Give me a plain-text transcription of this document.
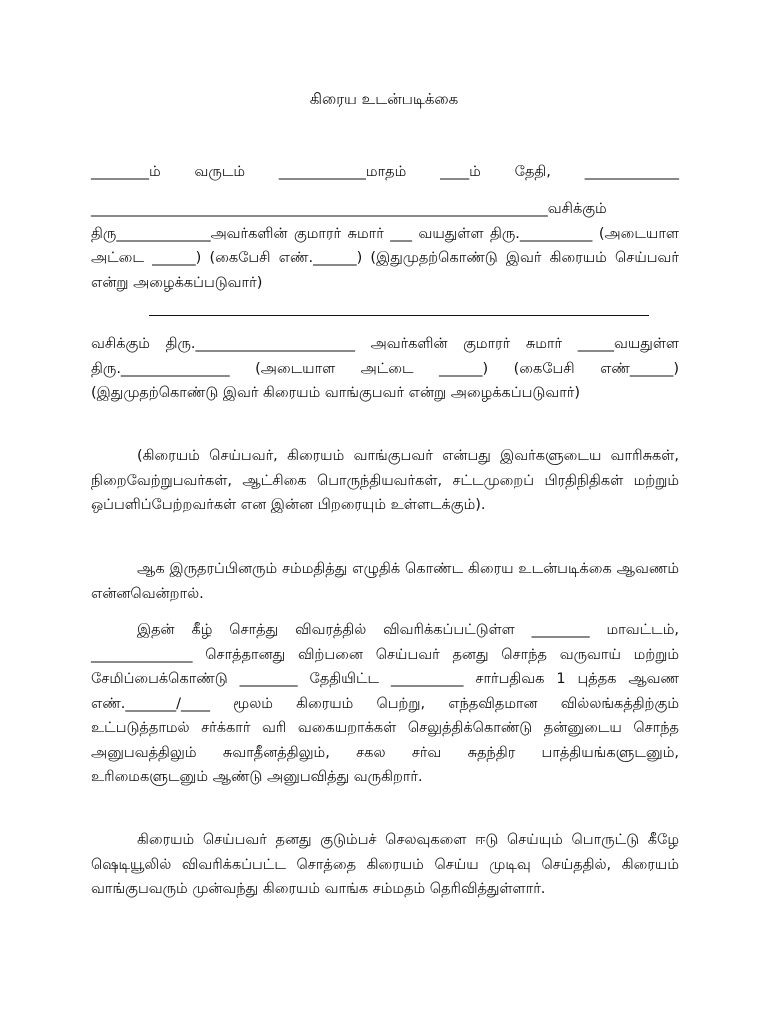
கிரைய உடன்படிக்கை
________ம் வருடம் ____________மாதம் ____ம் தேதி, _____________
_______________________________________________________________வசிக்கும் திரு_____________அவர்களின் குமாரர் சுமார் ___ வயதுள்ள திரு.__________ (அடையாள அட்டை ______) (கைபேசி எண்.______) (இதுமுதற்கொண்டு இவர் கிரையம் செய்பவர் என்று அழைக்கப்படுவார்)
வசிக்கும் திரு.______________________ அவர்களின் குமாரர் சுமார் _____வயதுள்ள திரு._______________ (அடையாள அட்டை ______) (கைபேசி எண்______) (இதுமுதற்கொண்டு இவர் கிரையம் வாங்குபவர் என்று அழைக்கப்படுவார்)
(கிரையம் செய்பவர், கிரையம் வாங்குபவர் என்பது இவர்களுடைய வாரிசுகள், நிறைவேற்றுபவர்கள், ஆட்சிகை பொருந்தியவர்கள், சட்டமுறைப் பிரதிநிதிகள் மற்றும் ஒப்பளிப்பேற்றவர்கள் என இன்ன பிறரையும் உள்ளடக்கும்).
ஆக இருதரப்பினரும் சம்மதித்து எழுதிக் கொண்ட கிரைய உடன்படிக்கை ஆவணம் என்னவென்றால்.
இதன் கீழ் சொத்து விவரத்தில் விவரிக்கப்பட்டுள்ள ________ மாவட்டம், ______________ சொத்தானது விற்பனை செய்பவர் தனது சொந்த வருவாய் மற்றும் சேமிப்பைக்கொண்டு ________ தேதியிட்ட __________ சார்பதிவக 1 புத்தக ஆவண எண்._______/____ மூலம் கிரையம் பெற்று, எந்தவிதமான வில்லங்கத்திற்கும் உட்படுத்தாமல் சர்க்கார் வரி வகையறாக்கள் செலுத்திக்கொண்டு தன்னுடைய சொந்த அனுபவத்திலும் சுவாதீனத்திலும், சகல சர்வ சுதந்திர பாத்தியங்களுடனும், உரிமைகளுடனும் ஆண்டு அனுபவித்து வருகிறார்.
கிரையம் செய்பவர் தனது குடும்பச் செலவுகளை ஈடு செய்யும் பொருட்டு கீழே ஷெடியூலில் விவரிக்கப்பட்ட சொத்தை கிரையம் செய்ய முடிவு செய்ததில், கிரையம் வாங்குபவரும் முன்வந்து கிரையம் வாங்க சம்மதம் தெரிவித்துள்ளார்.
